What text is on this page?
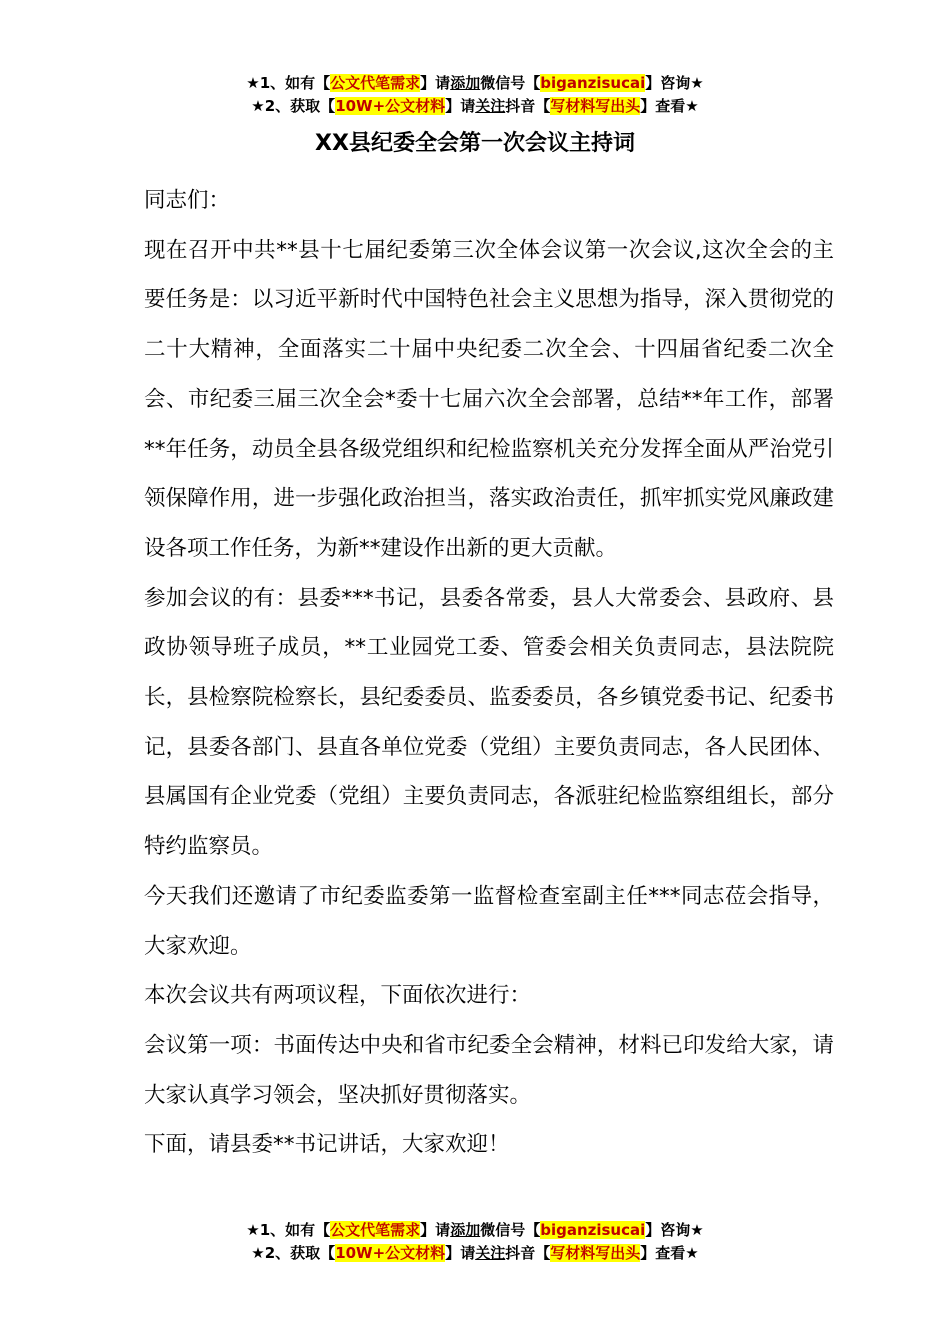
★1、如有【公文代笔需求】请添加微信号【biganzisucai】咨询★
★2、获取【10W+公文材料】请关注抖音【写材料写出头】查看★
XX县纪委全会第一次会议主持词

同志们：

现在召开中共**县十七届纪委第三次全体会议第一次会议,这次全会的主要任务是：以习近平新时代中国特色社会主义思想为指导，深入贯彻党的二十大精神，全面落实二十届中央纪委二次全会、十四届省纪委二次全会、市纪委三届三次全会*委十七届六次全会部署，总结**年工作，部署**年任务，动员全县各级党组织和纪检监察机关充分发挥全面从严治党引领保障作用，进一步强化政治担当，落实政治责任，抓牢抓实党风廉政建设各项工作任务，为新**建设作出新的更大贡献。

参加会议的有：县委***书记，县委各常委，县人大常委会、县政府、县政协领导班子成员，**工业园党工委、管委会相关负责同志，县法院院长，县检察院检察长，县纪委委员、监委委员，各乡镇党委书记、纪委书记，县委各部门、县直各单位党委（党组）主要负责同志，各人民团体、县属国有企业党委（党组）主要负责同志，各派驻纪检监察组组长，部分特约监察员。

今天我们还邀请了市纪委监委第一监督检查室副主任***同志莅会指导，大家欢迎。

本次会议共有两项议程，下面依次进行：

会议第一项：书面传达中央和省市纪委全会精神，材料已印发给大家，请大家认真学习领会，坚决抓好贯彻落实。

下面，请县委**书记讲话，大家欢迎！

★1、如有【公文代笔需求】请添加微信号【biganzisucai】咨询★
★2、获取【10W+公文材料】请关注抖音【写材料写出头】查看★
